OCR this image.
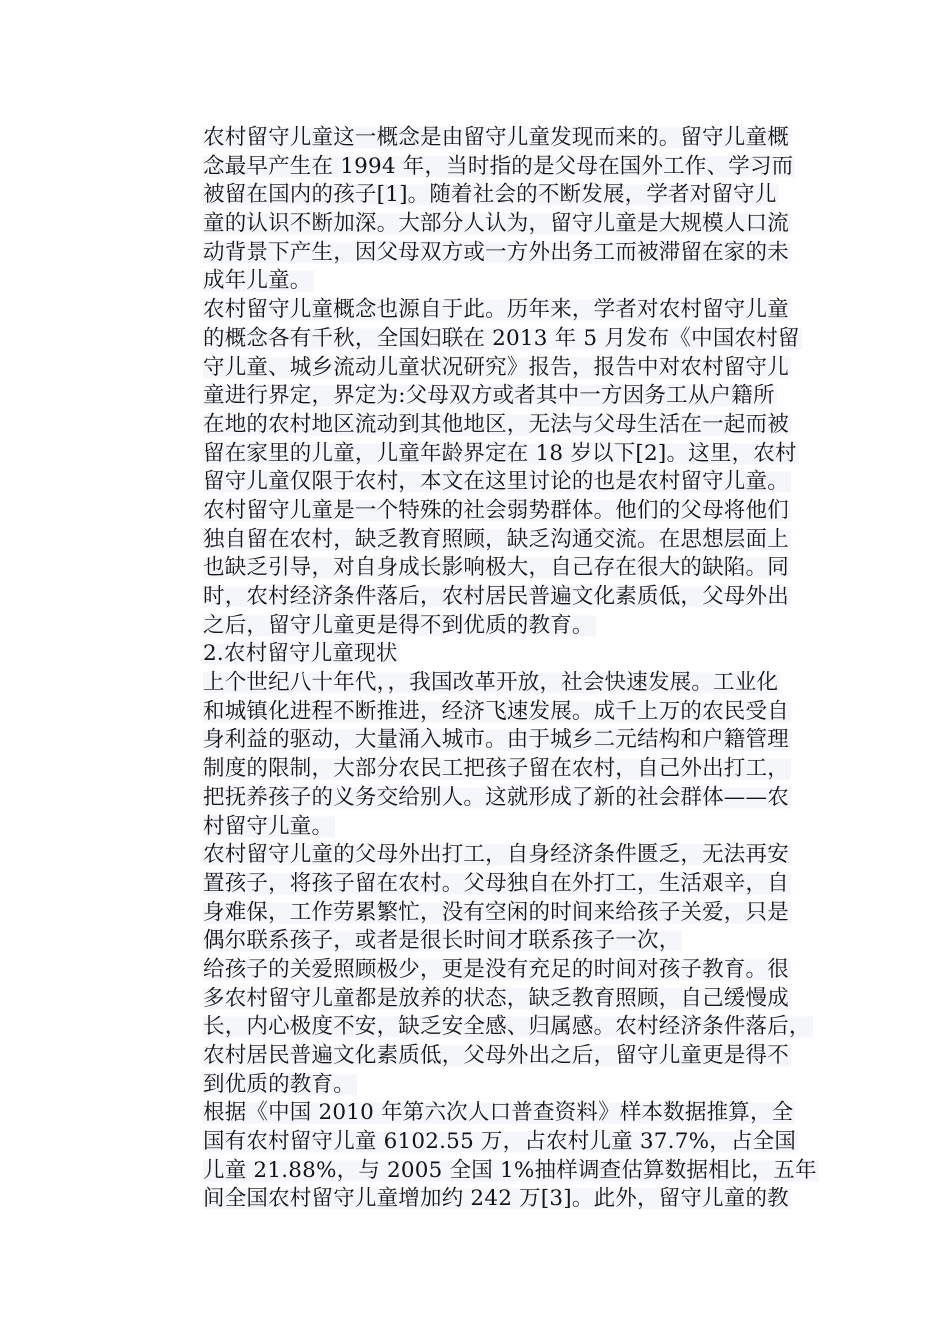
农村留守儿童这一概念是由留守儿童发现而来的。留守儿童概
念最早产生在 1994 年，当时指的是父母在国外工作、学习而
被留在国内的孩子[1]。随着社会的不断发展，学者对留守儿
童的认识不断加深。大部分人认为，留守儿童是大规模人口流
动背景下产生，因父母双方或一方外出务工而被滞留在家的未
成年儿童。
农村留守儿童概念也源自于此。历年来，学者对农村留守儿童
的概念各有千秋，全国妇联在 2013 年 5 月发布《中国农村留
守儿童、城乡流动儿童状况研究》报告，报告中对农村留守儿
童进行界定，界定为:父母双方或者其中一方因务工从户籍所
在地的农村地区流动到其他地区，无法与父母生活在一起而被
留在家里的儿童，儿童年龄界定在 18 岁以下[2]。这里，农村
留守儿童仅限于农村，本文在这里讨论的也是农村留守儿童。
农村留守儿童是一个特殊的社会弱势群体。他们的父母将他们
独自留在农村，缺乏教育照顾，缺乏沟通交流。在思想层面上
也缺乏引导，对自身成长影响极大，自己存在很大的缺陷。同
时，农村经济条件落后，农村居民普遍文化素质低，父母外出
之后，留守儿童更是得不到优质的教育。
2.农村留守儿童现状
上个世纪八十年代，，我国改革开放，社会快速发展。工业化
和城镇化进程不断推进，经济飞速发展。成千上万的农民受自
身利益的驱动，大量涌入城市。由于城乡二元结构和户籍管理
制度的限制，大部分农民工把孩子留在农村，自己外出打工，
把抚养孩子的义务交给别人。这就形成了新的社会群体——农
村留守儿童。
农村留守儿童的父母外出打工，自身经济条件匮乏，无法再安
置孩子，将孩子留在农村。父母独自在外打工，生活艰辛，自
身难保，工作劳累繁忙，没有空闲的时间来给孩子关爱，只是
偶尔联系孩子，或者是很长时间才联系孩子一次，
给孩子的关爱照顾极少，更是没有充足的时间对孩子教育。很
多农村留守儿童都是放养的状态，缺乏教育照顾，自己缓慢成
长，内心极度不安，缺乏安全感、归属感。农村经济条件落后，
农村居民普遍文化素质低，父母外出之后，留守儿童更是得不
到优质的教育。
根据《中国 2010 年第六次人口普查资料》样本数据推算，全
国有农村留守儿童 6102.55 万，占农村儿童 37.7%，占全国
儿童 21.88%，与 2005 全国 1%抽样调查估算数据相比，五年
间全国农村留守儿童增加约 242 万[3]。此外，留守儿童的教
